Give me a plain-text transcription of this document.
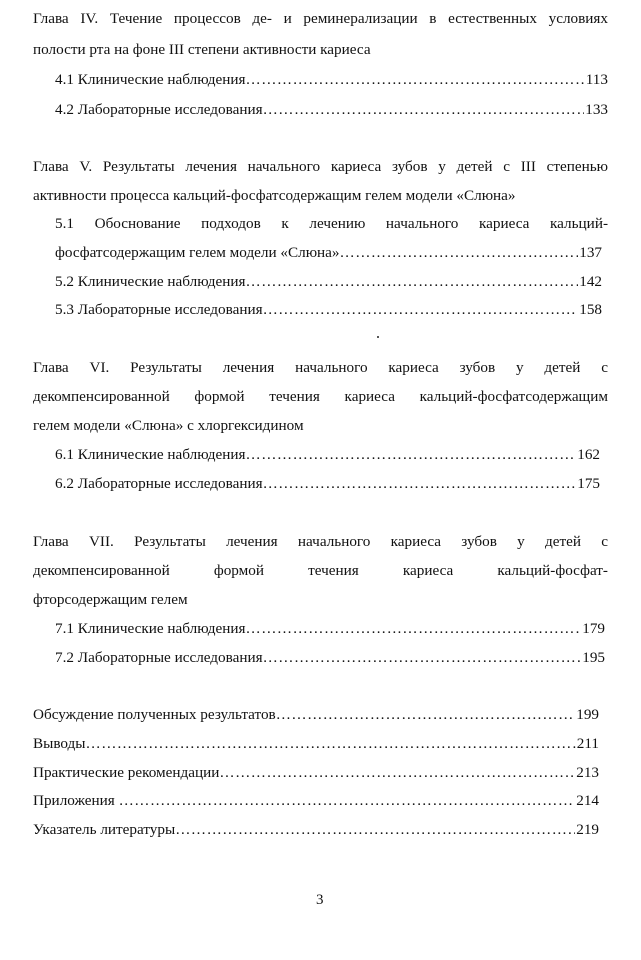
Глава IV. Течение процессов де- и реминерализации в естественных условиях
полости рта на фоне III степени активности кариеса
4.1 Клинические наблюдения …………………………………………………………………………………………………………………………………………………	113
4.2 Лабораторные исследования …………………………………………………………………………………………………………………………………………………	133
Глава V. Результаты лечения начального кариеса зубов у детей с III степенью
активности процесса кальций-фосфатсодержащим гелем модели «Слюна»
5.1 Обоснование подходов к лечению начального кариеса кальций-
фосфатсодержащим гелем модели «Слюна» …………………………………………………………………………………………………………………………………………………	137
5.2 Клинические наблюдения …………………………………………………………………………………………………………………………………………………	142
5.3 Лабораторные исследования …………………………………………………………………………………………………………………………………………………	158
Глава VI. Результаты лечения начального кариеса зубов у детей с
декомпенсированной формой течения кариеса кальций-фосфатсодержащим
гелем модели «Слюна» с хлоргексидином
6.1 Клинические наблюдения …………………………………………………………………………………………………………………………………………………	162
6.2 Лабораторные исследования …………………………………………………………………………………………………………………………………………………	175
Глава VII. Результаты лечения начального кариеса зубов у детей с
декомпенсированной формой течения кариеса кальций-фосфат-
фторсодержащим гелем
7.1 Клинические наблюдения …………………………………………………………………………………………………………………………………………………	179
7.2 Лабораторные исследования …………………………………………………………………………………………………………………………………………………	195
Обсуждение полученных результатов …………………………………………………………………………………………………………………………………………………	199
Выводы …………………………………………………………………………………………………………………………………………………	211
Практические рекомендации …………………………………………………………………………………………………………………………………………………	213
Приложения …………………………………………………………………………………………………………………………………………………	214
Указатель литературы …………………………………………………………………………………………………………………………………………………	219
3
